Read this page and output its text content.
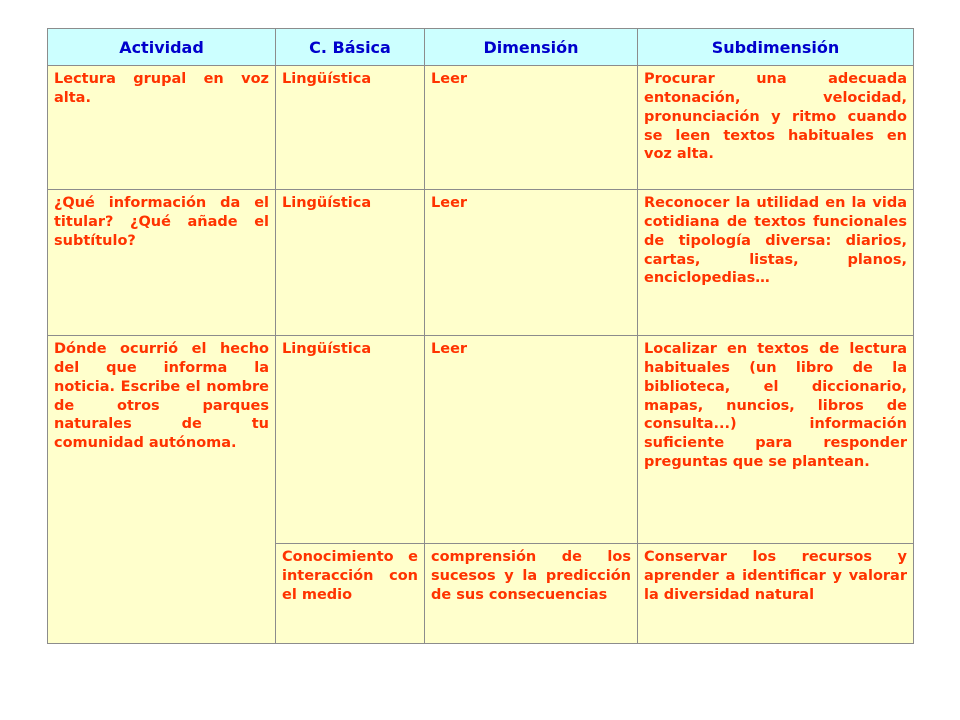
Actividad	C. Básica	Dimensión	Subdimensión
Lectura grupal en voz alta.	Lingüística	Leer	Procurar una adecuada entonación, velocidad, pronunciación y ritmo cuando se leen textos habituales en voz alta.
¿Qué información da el titular? ¿Qué añade el subtítulo?	Lingüística	Leer	Reconocer la utilidad en la vida cotidiana de textos funcionales de tipología diversa: diarios, cartas, listas, planos, enciclopedias…
Dónde ocurrió el hecho del que informa la noticia. Escribe el nombre de otros parques naturales de tu comunidad autónoma.	Lingüística	Leer	Localizar en textos de lectura habituales (un libro de la biblioteca, el diccionario, mapas, nuncios, libros de consulta...) información suficiente para responder preguntas que se plantean.
	Conocimiento e interacción con el medio	comprensión de los sucesos y la predicción de sus consecuencias	Conservar los recursos y aprender a identificar y valorar la diversidad natural
